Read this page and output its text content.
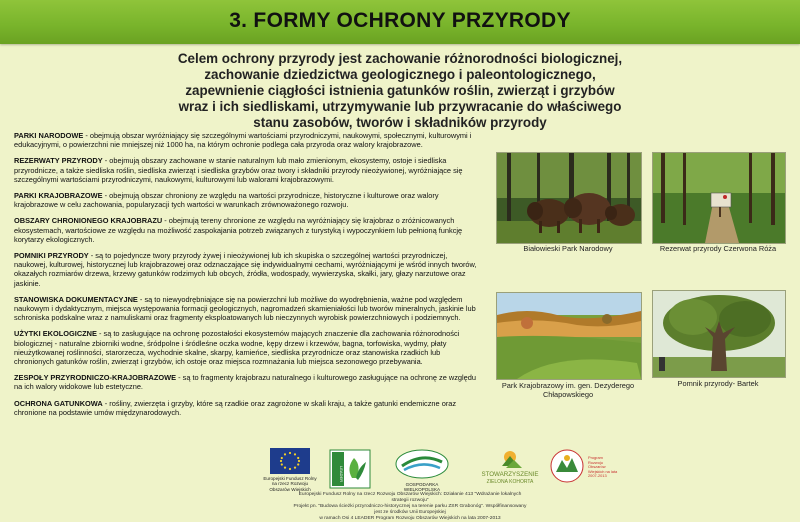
3. FORMY OCHRONY PRZYRODY
Celem ochrony przyrody jest zachowanie różnorodności biologicznej, zachowanie dziedzictwa geologicznego i paleontologicznego, zapewnienie ciągłości istnienia gatunków roślin, zwierząt i grzybów wraz i ich siedliskami, utrzymywanie lub przywracanie do właściwego stanu zasobów, tworów i składników przyrody

PARKI NARODOWE - obejmują obszar wyróżniający się szczególnymi wartościami przyrodniczymi, naukowymi, społecznymi, kulturowymi i edukacyjnymi, o powierzchni nie mniejszej niż 1000 ha, na którym ochronie podlega cała przyroda oraz walory krajobrazowe.

REZERWATY PRZYRODY - obejmują obszary zachowane w stanie naturalnym lub mało zmienionym, ekosystemy, ostoje i siedliska przyrodnicze, a także siedliska roślin, siedliska zwierząt i siedliska grzybów oraz twory i składniki przyrody nieożywionej, wyróżniające się szczególnymi wartościami przyrodniczymi, naukowymi, kulturowymi lub walorami krajobrazowymi.

PARKI KRAJOBRAZOWE - obejmują obszar chroniony ze względu na wartości przyrodnicze, historyczne i kulturowe oraz walory krajobrazowe w celu zachowania, popularyzacji tych wartości w warunkach zrównoważonego rozwoju.

OBSZARY CHRONIONEGO KRAJOBRAZU - obejmują tereny chronione ze względu na wyróżniający się krajobraz o zróżnicowanych ekosystemach, wartościowe ze względu na możliwość zaspokajania potrzeb związanych z turystyką i wypoczynkiem lub pełnioną funkcję korytarzy ekologicznych.

POMNIKI PRZYRODY - są to pojedyncze twory przyrody żywej i nieożywionej lub ich skupiska o szczególnej wartości przyrodniczej, naukowej, kulturowej, historycznej lub krajobrazowej oraz odznaczające się indywidualnymi cechami, wyróżniającymi je wśród innych tworów, okazałych rozmiarów drzewa, krzewy gatunków rodzimych lub obcych, źródła, wodospady, wywierzyska, skałki, jary, głazy narzutowe oraz jaskinie.

STANOWISKA DOKUMENTACYJNE - są to niewyodrębniające się na powierzchni lub możliwe do wyodrębnienia, ważne pod względem naukowym i dydaktycznym, miejsca występowania formacji geologicznych, nagromadzeń skamieniałości lub tworów mineralnych, jaskinie lub schroniska podskalne wraz z namuliskami oraz fragmenty eksploatowanych lub nieczynnych wyrobisk powierzchniowych i podziemnych.

UŻYTKI EKOLOGICZNE - są to zasługujące na ochronę pozostałości ekosystemów mających znaczenie dla zachowania różnorodności biologicznej - naturalne zbiorniki wodne, śródpolne i śródleśne oczka wodne, kępy drzew i krzewów, bagna, torfowiska, wydmy, płaty nieużytkowanej roślinności, starorzecza, wychodnie skalne, skarpy, kamieńce, siedliska przyrodnicze oraz stanowiska rzadkich lub chronionych gatunków roślin, zwierząt i grzybów, ich ostoje oraz miejsca rozmnażania lub miejsca sezonowego przebywania.

ZESPOŁY PRZYRODNICZO-KRAJOBRAZOWE - są to fragmenty krajobrazu naturalnego i kulturowego zasługujące na ochronę ze względu na ich walory widokowe lub estetyczne.

OCHRONA GATUNKOWA - rośliny, zwierzęta i grzyby, które są rzadkie oraz zagrożone w skali kraju, a także gatunki endemiczne oraz chronione na podstawie umów międzynarodowych.

Białowieski Park Narodowy	Rezerwat przyrody Czerwona Róża
Park Krajobrazowy im. gen. Dezyderego Chłapowskiego
Pomnik przyrody- Bartek
Europejski Fundusz Rolny na rzecz Rozwoju Obszarów Wiejskich
LEADER
GOSPODARKA WIELKOPOLSKA
STOWARZYSZENIE
ZIELONA KOHORTA
Program Rozwoju Obszarów Wiejskich na lata 2007-2013
Europejski Fundusz Rolny na rzecz Rozwoju Obszarów Wiejskich: Działanie 413 "Wdrażanie lokalnych strategii rozwoju"
Projekt pn. "Budowa ścieżki przyrodniczo-historycznej na terenie parku ZSR Grabonóg". Współfinansowany jest ze środków Unii Europejskiej
w ramach Osi 4 LEADER Program Rozwoju Obszarów Wiejskich na lata 2007-2013
